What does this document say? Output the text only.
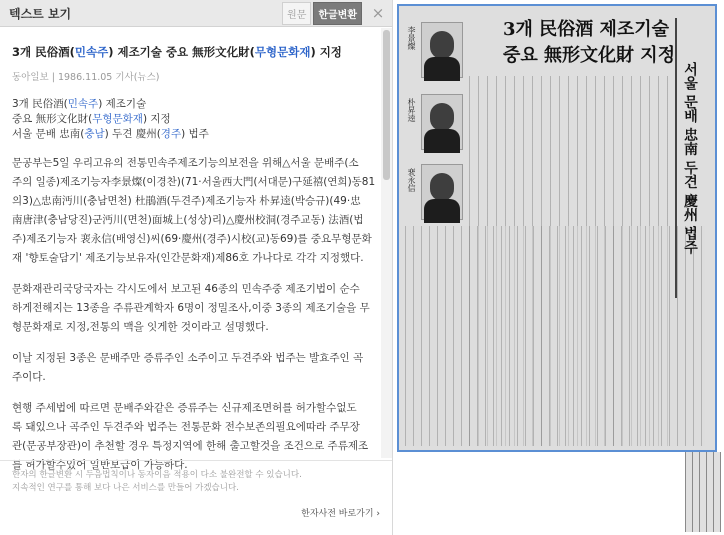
텍스트 보기	원문	한글변환 ×
3개 民俗酒(민속주) 제조기술 중요 無形文化財(무형문화재) 지정
동아일보 | 1986.11.05 기사(뉴스)
3개 民俗酒(민속주) 제조기술
중요 無形文化財(무형문화재) 지정
서울 문배 忠南(충남) 두견 慶州(경주) 법주
문공부는5일 우리고유의 전통민속주제조기능의보전을 위해△서울 문배주(소
주의 일종)제조기능자李景燦(이경찬)(71·서울西大門(서대문)구延禧(연희)동81
의3)△忠南沔川(충남면천) 杜鵑酒(두견주)제조기능자 朴昇逵(박승규)(49·忠
南唐津(충남당진)군沔川(면천)面城上(성상)리)△慶州校洞(경주교동) 法酒(법
주)제조기능자 裵永信(배영신)씨(69·慶州(경주)시校(교)동69)를 중요무형문화
재 '향토술담기' 제조기능보유자(인간문화재)제86호 가나다로 각각 지정했다.
문화재관리국당국자는 각시도에서 보고된 46종의 민속주중 제조기법이 순수
하게전해지는 13종을 주류관계학자 6명이 정밀조사,이중 3종의 제조기술을 무
형문화재로 지정,전통의 맥을 잇게한 것이라고 설명했다.
이날 지정된 3종은 문배주만 증류주인 소주이고 두견주와 법주는 발효주인 곡
주이다.
현행 주세법에 따르면 문배주와같은 증류주는 신규제조면허를 허가할수없도
록 돼있으나 곡주인 두견주와 법주는 전통문화 전수보존의필요에따라 주무장
관(문공부장관)이 추천할 경우 특정지역에 한해 출고할것을 조건으로 주류제조
를 허가할수있어 일반보급이 가능하다.
한자의 한글변환 시 두음법칙이나 동자이음 적용이 다소 불완전할 수 있습니다.
지속적인 연구를 통해 보다 나은 서비스를 만들어 가겠습니다.
한자사전 바로가기 ›
3개 民俗酒 제조기술
중요 無形文化財 지정
서울 문배 忠南 두견 慶州 법주
李景燦
朴昇逵
裵永信
